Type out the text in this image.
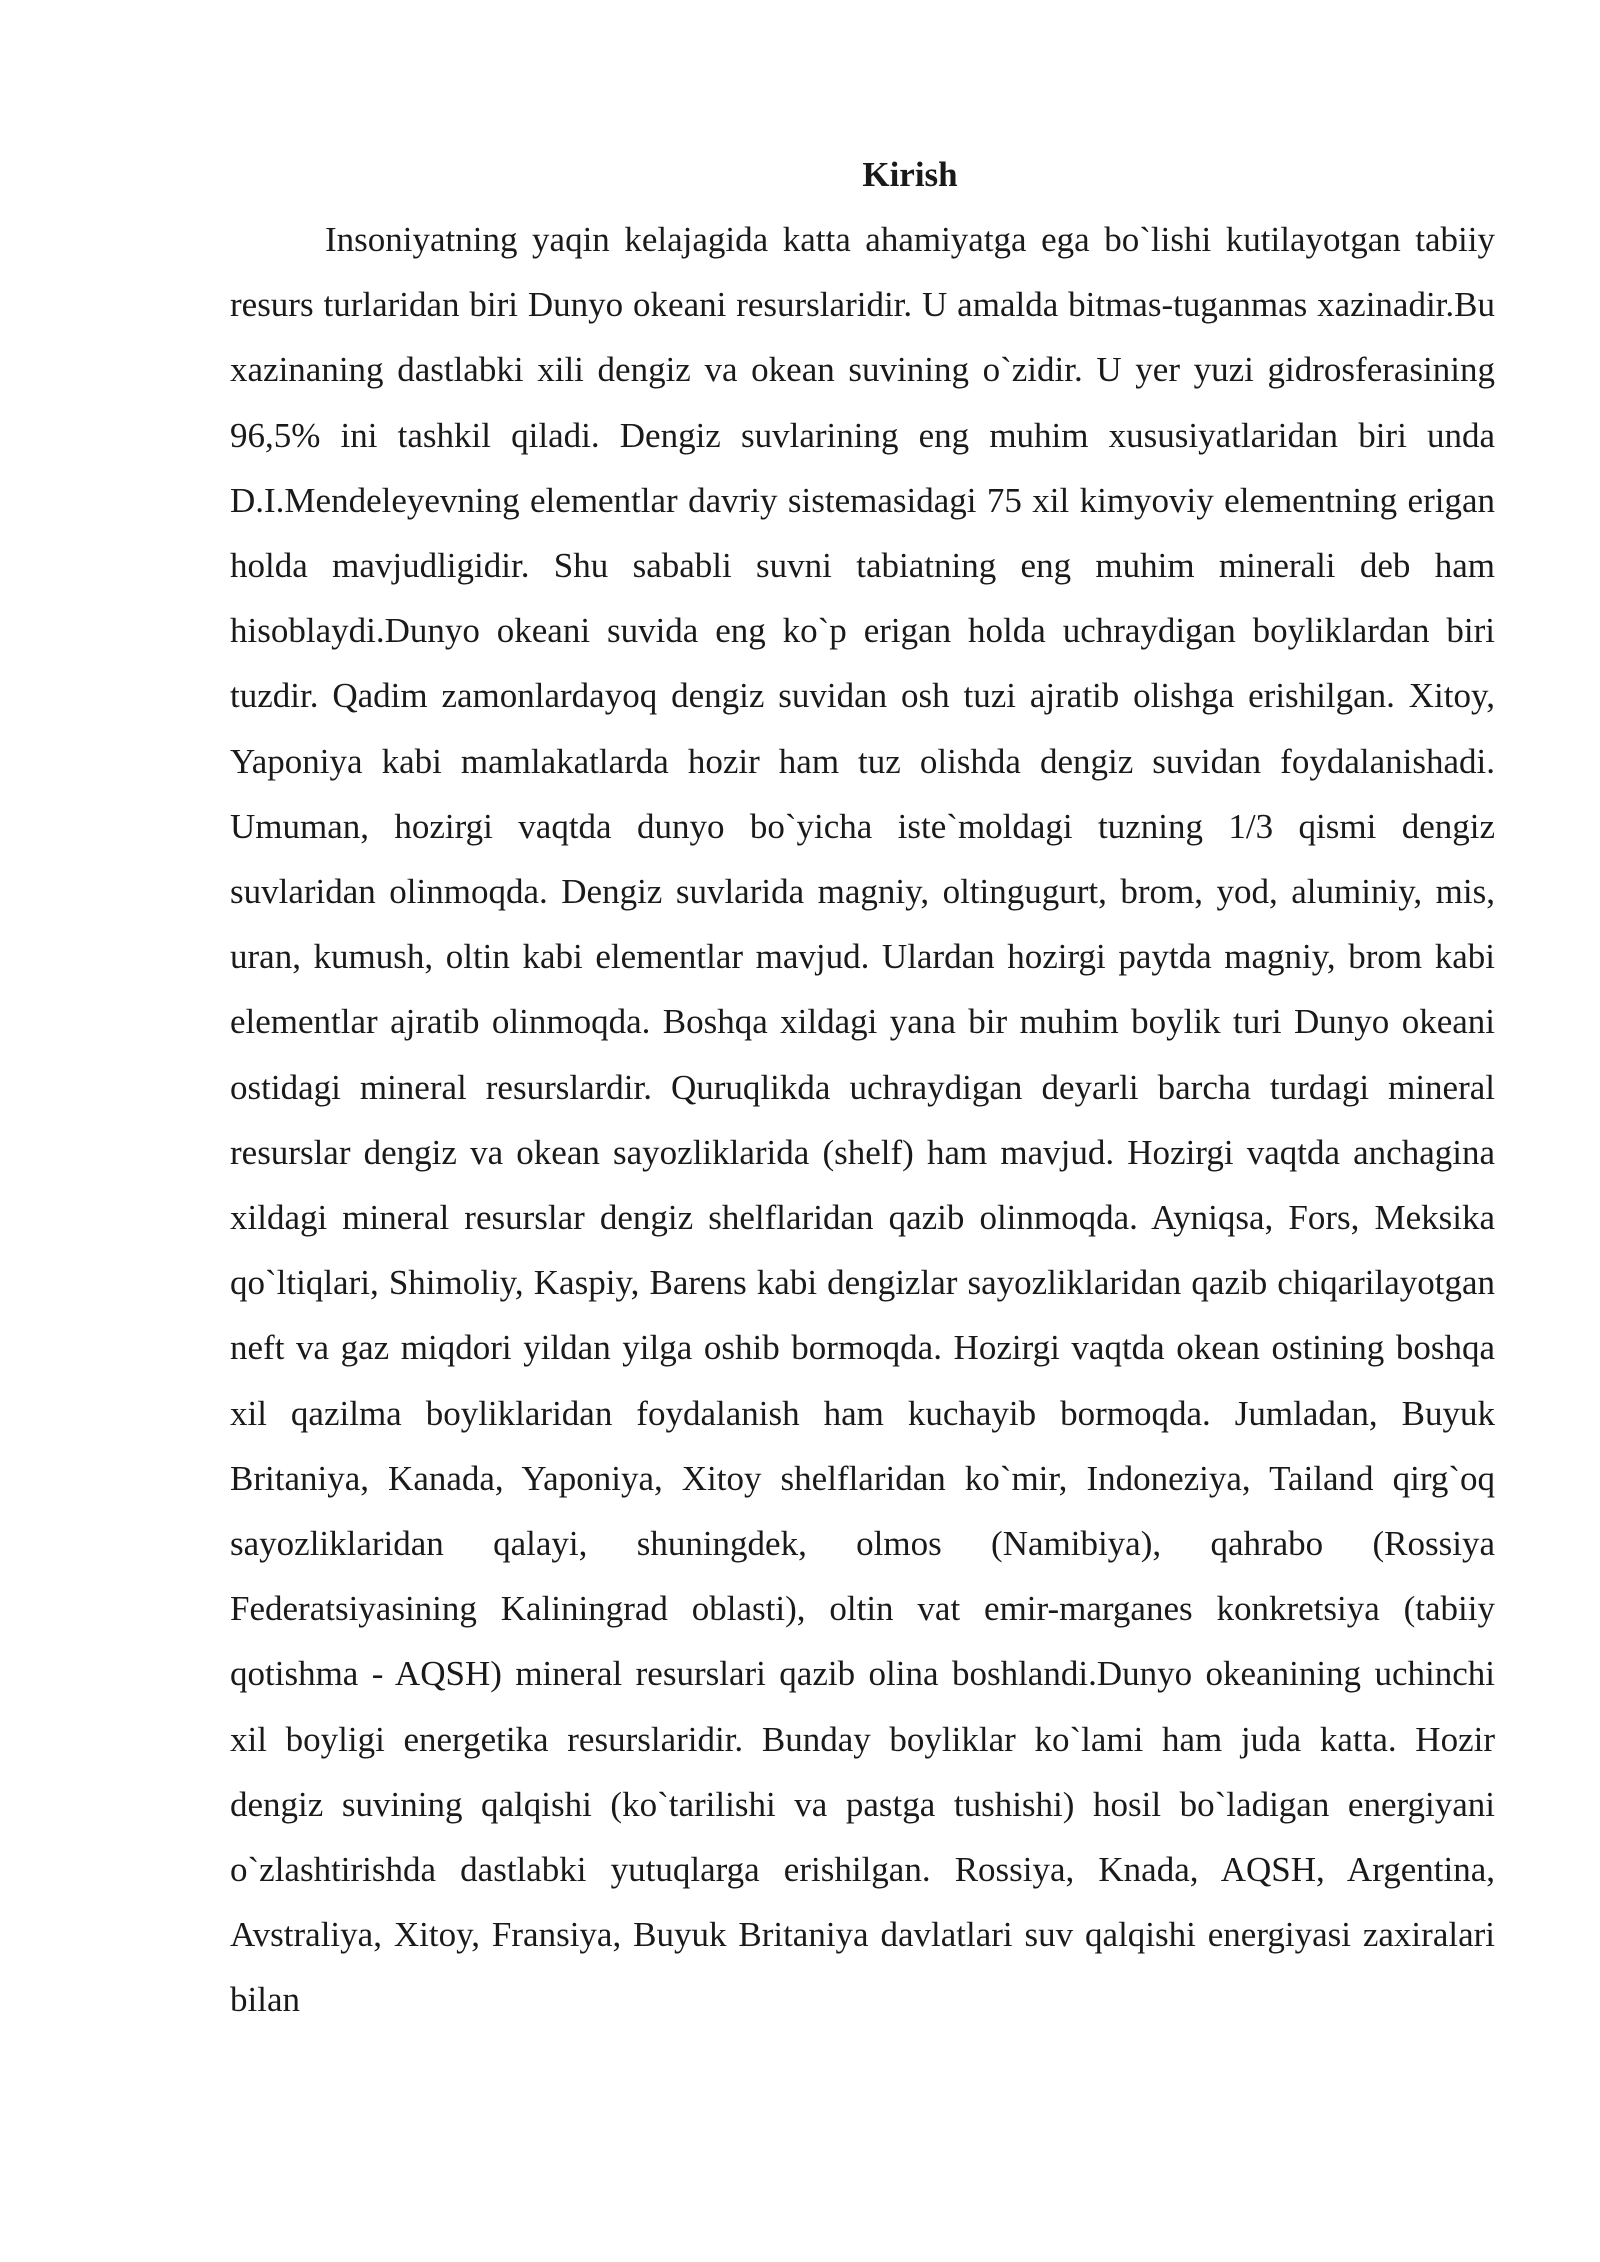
Kirish

Insoniyatning yaqin kelajagida katta ahamiyatga ega bo`lishi kutilayotgan tabiiy resurs turlaridan biri Dunyo okeani resurslaridir. U amalda bitmas-tuganmas xazinadir.Bu xazinaning dastlabki xili dengiz va okean suvining o`zidir. U yer yuzi gidrosferasining 96,5% ini tashkil qiladi. Dengiz suvlarining eng muhim xususiyatlaridan biri unda D.I.Mendeleyevning elementlar davriy sistemasidagi 75 xil kimyoviy elementning erigan holda mavjudligidir. Shu sababli suvni tabiatning eng muhim minerali deb ham hisoblaydi.Dunyo okeani suvida eng ko`p erigan holda uchraydigan boyliklardan biri tuzdir. Qadim zamonlardayoq dengiz suvidan osh tuzi ajratib olishga erishilgan. Xitoy, Yaponiya kabi mamlakatlarda hozir ham tuz olishda dengiz suvidan foydalanishadi. Umuman, hozirgi vaqtda dunyo bo`yicha iste`moldagi tuzning 1/3 qismi dengiz suvlaridan olinmoqda. Dengiz suvlarida magniy, oltingugurt, brom, yod, aluminiy, mis, uran, kumush, oltin kabi elementlar mavjud. Ulardan hozirgi paytda magniy, brom kabi elementlar ajratib olinmoqda. Boshqa xildagi yana bir muhim boylik turi Dunyo okeani ostidagi mineral resurslardir. Quruqlikda uchraydigan deyarli barcha turdagi mineral resurslar dengiz va okean sayozliklarida (shelf) ham mavjud. Hozirgi vaqtda anchagina xildagi mineral resurslar dengiz shelflaridan qazib olinmoqda. Ayniqsa, Fors, Meksika qo`ltiqlari, Shimoliy, Kaspiy, Barens kabi dengizlar sayozliklaridan qazib chiqarilayotgan neft va gaz miqdori yildan yilga oshib bormoqda. Hozirgi vaqtda okean ostining boshqa xil qazilma boyliklaridan foydalanish ham kuchayib bormoqda. Jumladan, Buyuk Britaniya, Kanada, Yaponiya, Xitoy shelflaridan ko`mir, Indoneziya, Tailand qirg`oq sayozliklaridan qalayi, shuningdek, olmos (Namibiya), qahrabo (Rossiya Federatsiyasining Kaliningrad oblasti), oltin vat emir-marganes konkretsiya (tabiiy qotishma - AQSH) mineral resurslari qazib olina boshlandi.Dunyo okeanining uchinchi xil boyligi energetika resurslaridir. Bunday boyliklar ko`lami ham juda katta. Hozir dengiz suvining qalqishi (ko`tarilishi va pastga tushishi) hosil bo`ladigan energiyani o`zlashtirishda dastlabki yutuqlarga erishilgan. Rossiya, Knada, AQSH, Argentina, Avstraliya, Xitoy, Fransiya, Buyuk Britaniya davlatlari suv qalqishi energiyasi zaxiralari bilan
